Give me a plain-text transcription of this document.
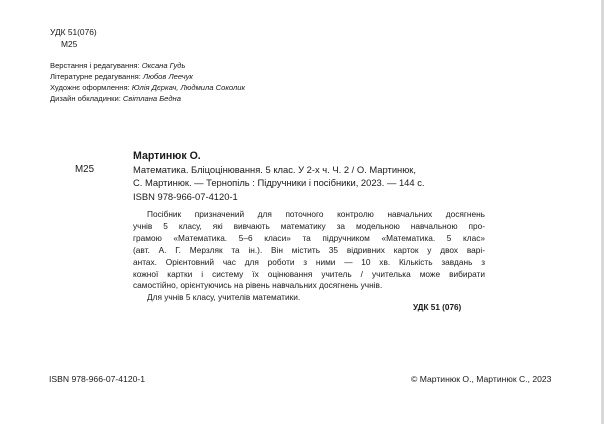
УДК 51(076)
М25
Верстання і редагування: Оксана Гудь
Літературне редагування: Любов Леечук
Художнє оформлення: Юлія Дєркач, Людмила Соколик
Дизайн обкладинки: Світлана Бедна
М25
Мартинюк О.
Математика. Бліцоцінювання. 5 клас. У 2-х ч. Ч. 2 / О. Мартинюк,
С. Мартинюк. — Тернопіль : Підручники і посібники, 2023. — 144 с.
ISBN 978-966-07-4120-1
Посібник призначений для поточного контролю навчальних досягнень
учнів 5 класу, які вивчають математику за модельною навчальною про-
грамою «Математика. 5–6 класи» та підручником «Математика. 5 клас»
(авт. А. Г. Мерзляк та ін.). Він містить 35 відривних карток у двох варі-
антах. Орієнтовний час для роботи з ними — 10 хв. Кількість завдань з
кожної картки і систему їх оцінювання учитель / учителька може вибирати
самостійно, орієнтуючись на рівень навчальних досягнень учнів.
Для учнів 5 класу, учителів математики.
УДК 51 (076)
ISBN 978-966-07-4120-1	© Мартинюк О., Мартинюк С., 2023
